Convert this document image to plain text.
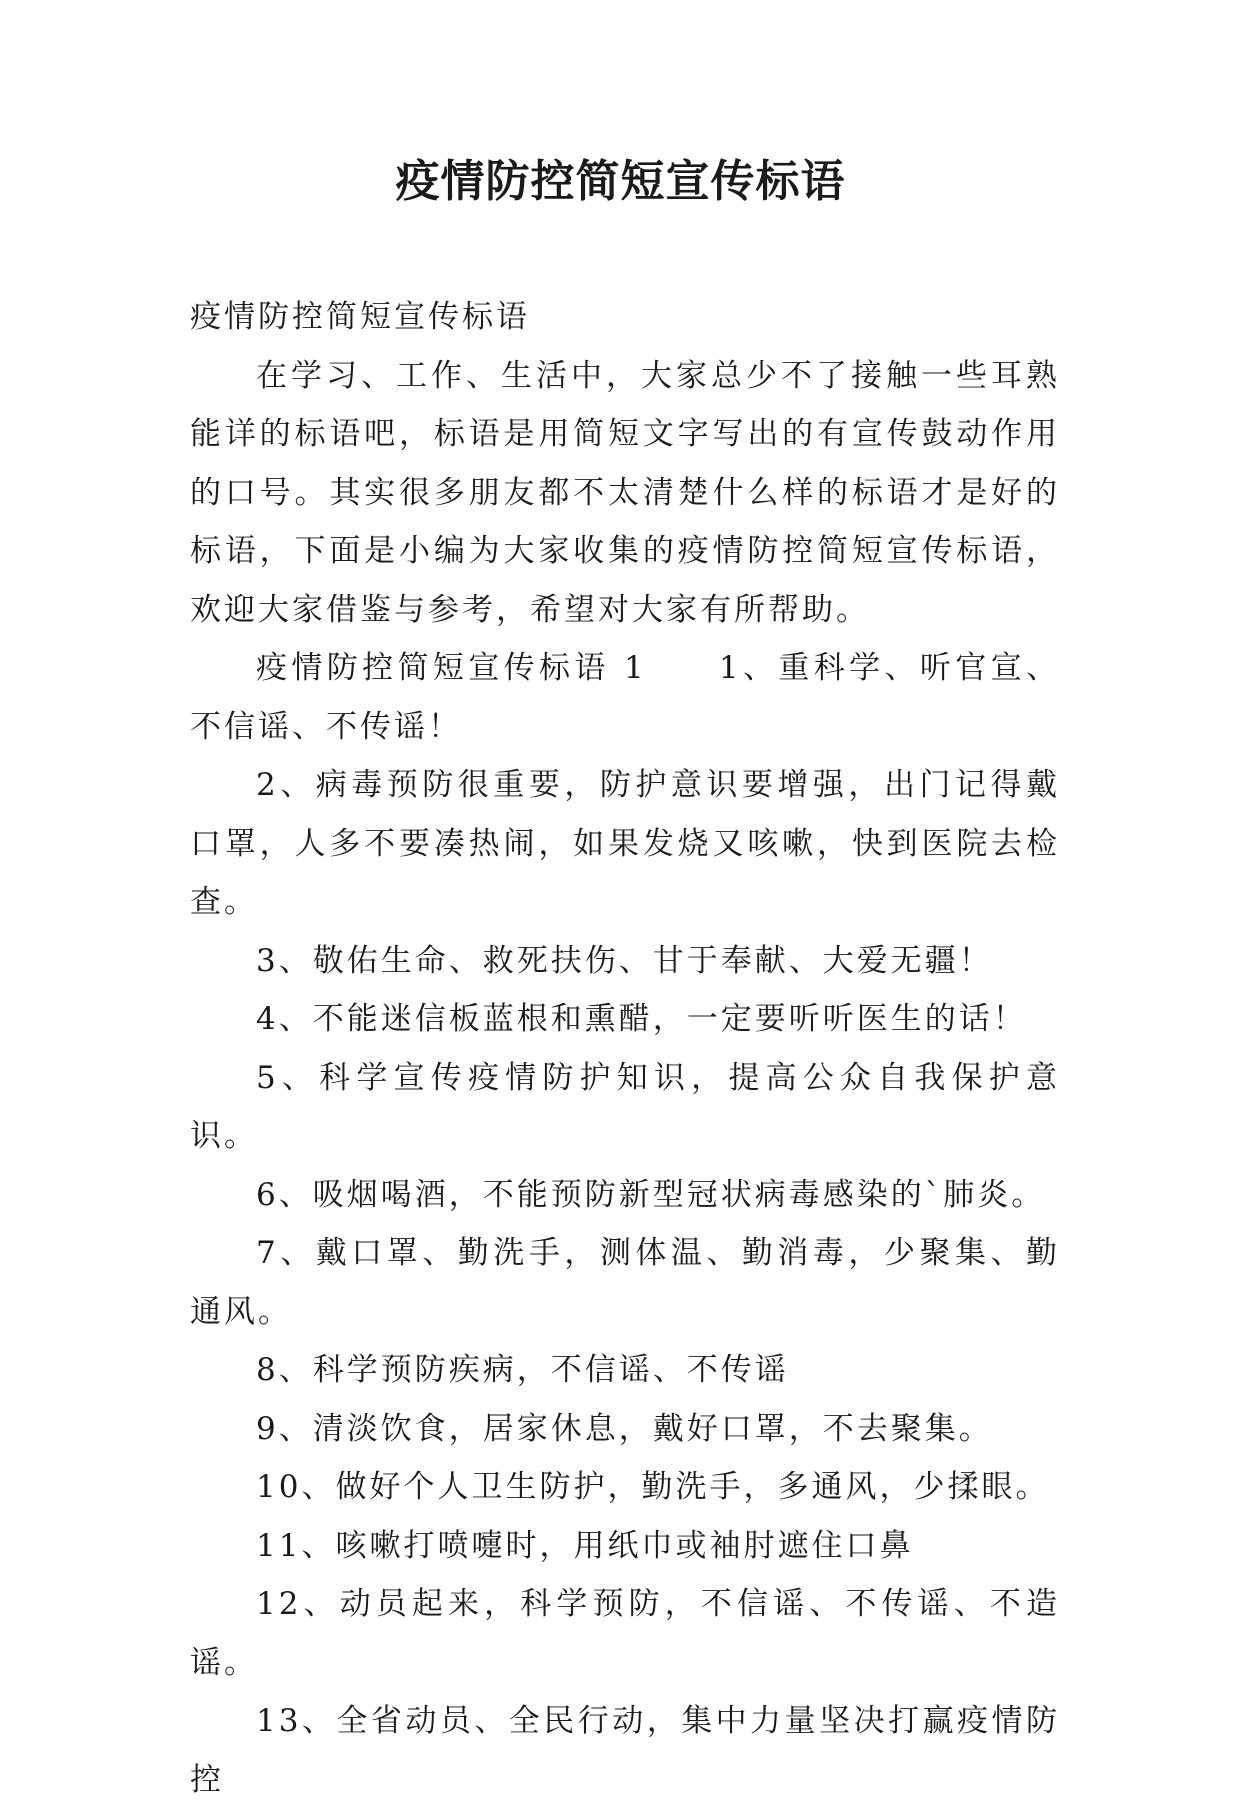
疫情防控简短宣传标语

疫情防控简短宣传标语

在学习、工作、生活中，大家总少不了接触一些耳熟能详的标语吧，标语是用简短文字写出的有宣传鼓动作用的口号。其实很多朋友都不太清楚什么样的标语才是好的标语，下面是小编为大家收集的疫情防控简短宣传标语，欢迎大家借鉴与参考，希望对大家有所帮助。

疫情防控简短宣传标语 1　　 1、重科学、听官宣、不信谣、不传谣！

2、病毒预防很重要，防护意识要增强，出门记得戴口罩，人多不要凑热闹，如果发烧又咳嗽，快到医院去检查。

3、敬佑生命、救死扶伤、甘于奉献、大爱无疆！

4、不能迷信板蓝根和熏醋，一定要听听医生的话！

5、科学宣传疫情防护知识，提高公众自我保护意识。

6、吸烟喝酒，不能预防新型冠状病毒感染的`肺炎。

7、戴口罩、勤洗手，测体温、勤消毒，少聚集、勤通风。

8、科学预防疾病，不信谣、不传谣

9、清淡饮食，居家休息，戴好口罩，不去聚集。

10、做好个人卫生防护，勤洗手，多通风，少揉眼。

11、咳嗽打喷嚏时，用纸巾或袖肘遮住口鼻

12、动员起来，科学预防，不信谣、不传谣、不造谣。

13、全省动员、全民行动，集中力量坚决打赢疫情防控
